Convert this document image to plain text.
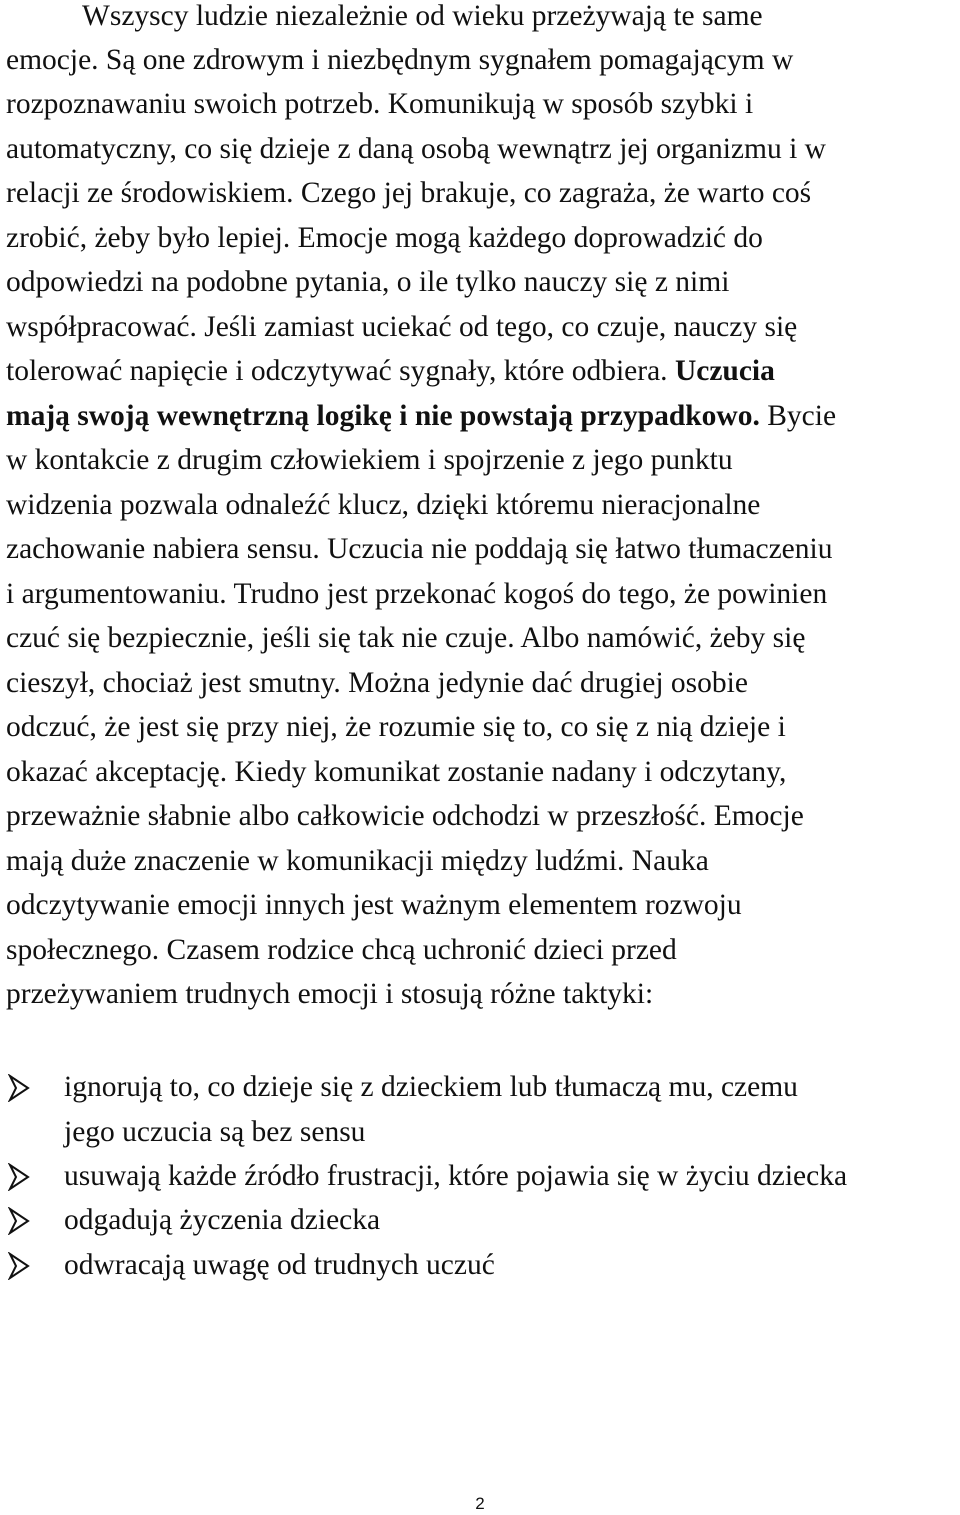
Wszyscy ludzie niezależnie od wieku przeżywają te same
emocje. Są one zdrowym i niezbędnym sygnałem pomagającym w
rozpoznawaniu swoich potrzeb. Komunikują w sposób szybki i
automatyczny, co się dzieje z daną osobą wewnątrz jej organizmu i w
relacji ze środowiskiem. Czego jej brakuje, co zagraża, że warto coś
zrobić, żeby było lepiej. Emocje mogą każdego doprowadzić do
odpowiedzi na podobne pytania, o ile tylko nauczy się z nimi
współpracować. Jeśli zamiast uciekać od tego, co czuje, nauczy się
tolerować napięcie i odczytywać sygnały, które odbiera. Uczucia
mają swoją wewnętrzną logikę i nie powstają przypadkowo. Bycie
w kontakcie z drugim człowiekiem i spojrzenie z jego punktu
widzenia pozwala odnaleźć klucz, dzięki któremu nieracjonalne
zachowanie nabiera sensu. Uczucia nie poddają się łatwo tłumaczeniu
i argumentowaniu. Trudno jest przekonać kogoś do tego, że powinien
czuć się bezpiecznie, jeśli się tak nie czuje. Albo namówić, żeby się
cieszył, chociaż jest smutny. Można jedynie dać drugiej osobie
odczuć, że jest się przy niej, że rozumie się to, co się z nią dzieje i
okazać akceptację. Kiedy komunikat zostanie nadany i odczytany,
przeważnie słabnie albo całkowicie odchodzi w przeszłość. Emocje
mają duże znaczenie w komunikacji między ludźmi. Nauka
odczytywanie emocji innych jest ważnym elementem rozwoju
społecznego. Czasem rodzice chcą uchronić dzieci przed
przeżywaniem trudnych emocji i stosują różne taktyki:
ignorują to, co dzieje się z dzieckiem lub tłumaczą mu, czemu
jego uczucia są bez sensu
usuwają każde źródło frustracji, które pojawia się w życiu dziecka
odgadują życzenia dziecka
odwracają uwagę od trudnych uczuć
2
